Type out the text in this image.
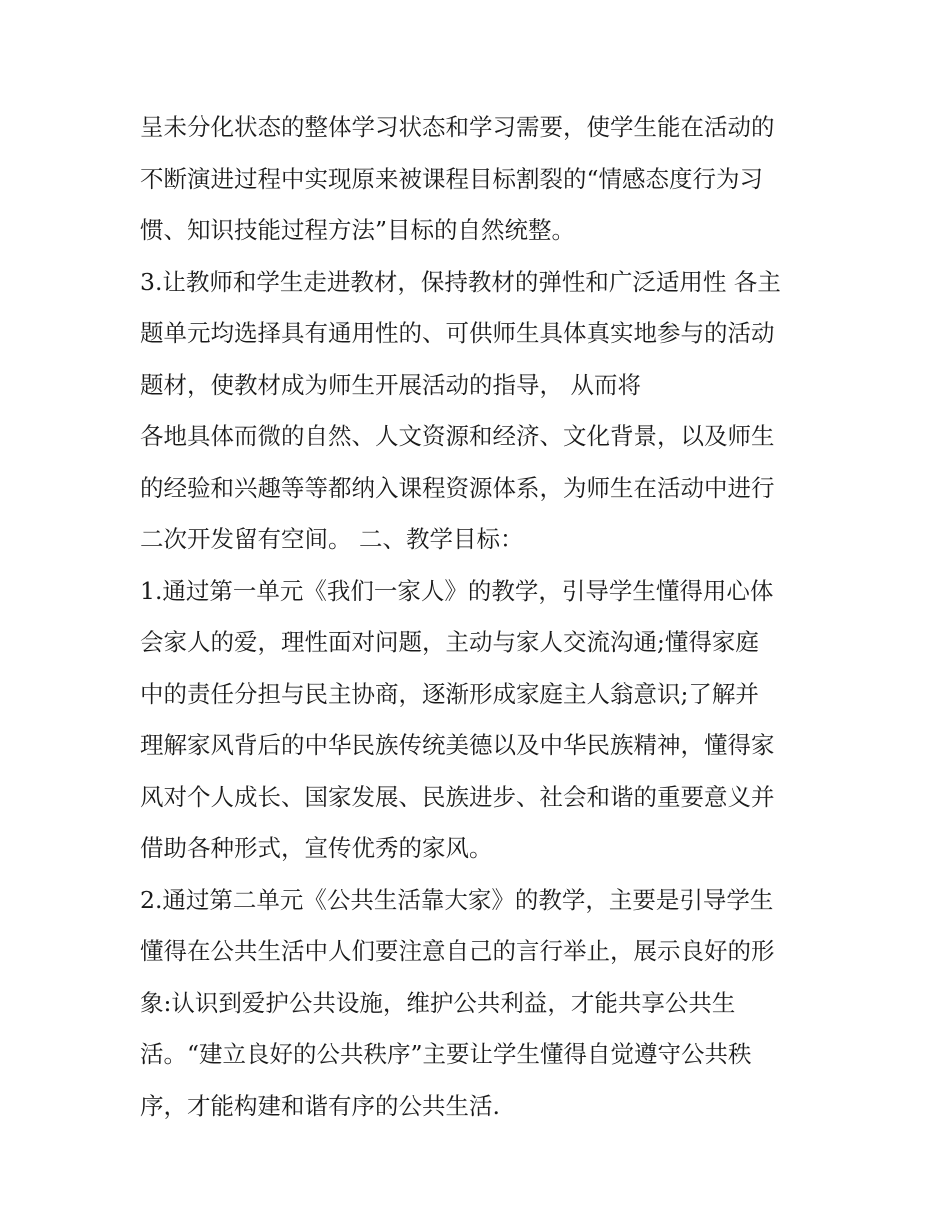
呈未分化状态的整体学习状态和学习需要，使学生能在活动的
不断演进过程中实现原来被课程目标割裂的“情感态度行为习
惯、知识技能过程方法”目标的自然统整。
3.让教师和学生走进教材，保持教材的弹性和广泛适用性 各主
题单元均选择具有通用性的、可供师生具体真实地参与的活动
题材，使教材成为师生开展活动的指导， 从而将
各地具体而微的自然、人文资源和经济、文化背景，以及师生
的经验和兴趣等等都纳入课程资源体系，为师生在活动中进行
二次开发留有空间。 二、教学目标：
1.通过第一单元《我们一家人》的教学，引导学生懂得用心体
会家人的爱，理性面对问题，主动与家人交流沟通;懂得家庭
中的责任分担与民主协商，逐渐形成家庭主人翁意识;了解并
理解家风背后的中华民族传统美德以及中华民族精神，懂得家
风对个人成长、国家发展、民族进步、社会和谐的重要意义并
借助各种形式，宣传优秀的家风。
2.通过第二单元《公共生活靠大家》的教学，主要是引导学生
懂得在公共生活中人们要注意自己的言行举止，展示良好的形
象:认识到爱护公共设施，维护公共利益，才能共享公共生
活。“建立良好的公共秩序”主要让学生懂得自觉遵守公共秩
序，才能构建和谐有序的公共生活.
